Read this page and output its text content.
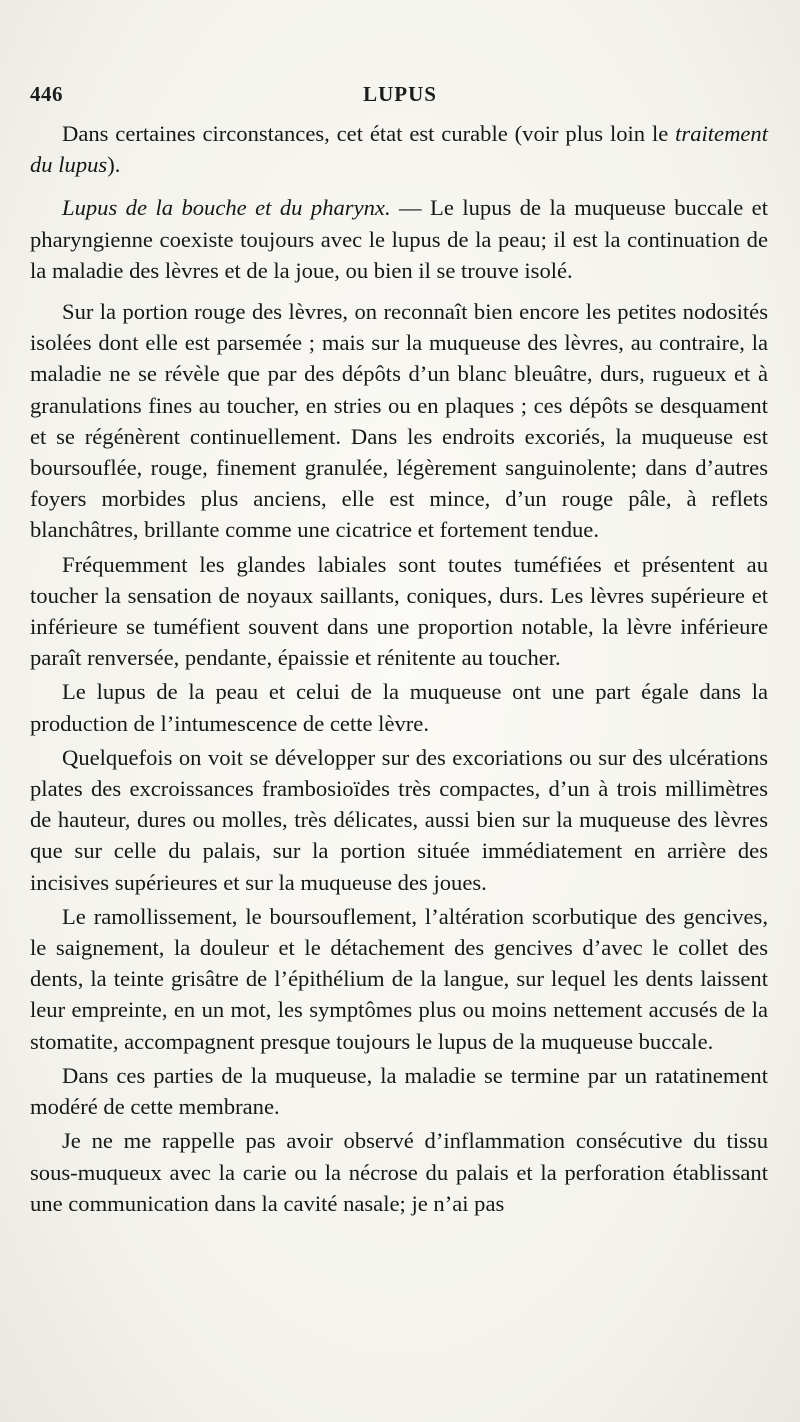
446	LUPUS

Dans certaines circonstances, cet état est curable (voir plus loin le traitement du lupus).

Lupus de la bouche et du pharynx. — Le lupus de la muqueuse buccale et pharyngienne coexiste toujours avec le lupus de la peau; il est la continuation de la maladie des lèvres et de la joue, ou bien il se trouve isolé.

Sur la portion rouge des lèvres, on reconnaît bien encore les petites nodosités isolées dont elle est parsemée ; mais sur la muqueuse des lèvres, au contraire, la maladie ne se révèle que par des dépôts d’un blanc bleuâtre, durs, rugueux et à granulations fines au toucher, en stries ou en plaques ; ces dépôts se desquament et se régénèrent continuellement. Dans les endroits excoriés, la muqueuse est boursouflée, rouge, finement granulée, légèrement sanguinolente; dans d’autres foyers morbides plus anciens, elle est mince, d’un rouge pâle, à reflets blanchâtres, brillante comme une cicatrice et fortement tendue.

Fréquemment les glandes labiales sont toutes tuméfiées et présentent au toucher la sensation de noyaux saillants, coniques, durs. Les lèvres supérieure et inférieure se tuméfient souvent dans une proportion notable, la lèvre inférieure paraît renversée, pendante, épaissie et rénitente au toucher.

Le lupus de la peau et celui de la muqueuse ont une part égale dans la production de l’intumescence de cette lèvre.

Quelquefois on voit se développer sur des excoriations ou sur des ulcérations plates des excroissances frambosioïdes très compactes, d’un à trois millimètres de hauteur, dures ou molles, très délicates, aussi bien sur la muqueuse des lèvres que sur celle du palais, sur la portion située immédiatement en arrière des incisives supérieures et sur la muqueuse des joues.

Le ramollissement, le boursouflement, l’altération scorbutique des gencives, le saignement, la douleur et le détachement des gencives d’avec le collet des dents, la teinte grisâtre de l’épithélium de la langue, sur lequel les dents laissent leur empreinte, en un mot, les symptômes plus ou moins nettement accusés de la stomatite, accompagnent presque toujours le lupus de la muqueuse buccale.

Dans ces parties de la muqueuse, la maladie se termine par un ratatinement modéré de cette membrane.

Je ne me rappelle pas avoir observé d’inflammation consécutive du tissu sous-muqueux avec la carie ou la nécrose du palais et la perforation établissant une communication dans la cavité nasale; je n’ai pas
